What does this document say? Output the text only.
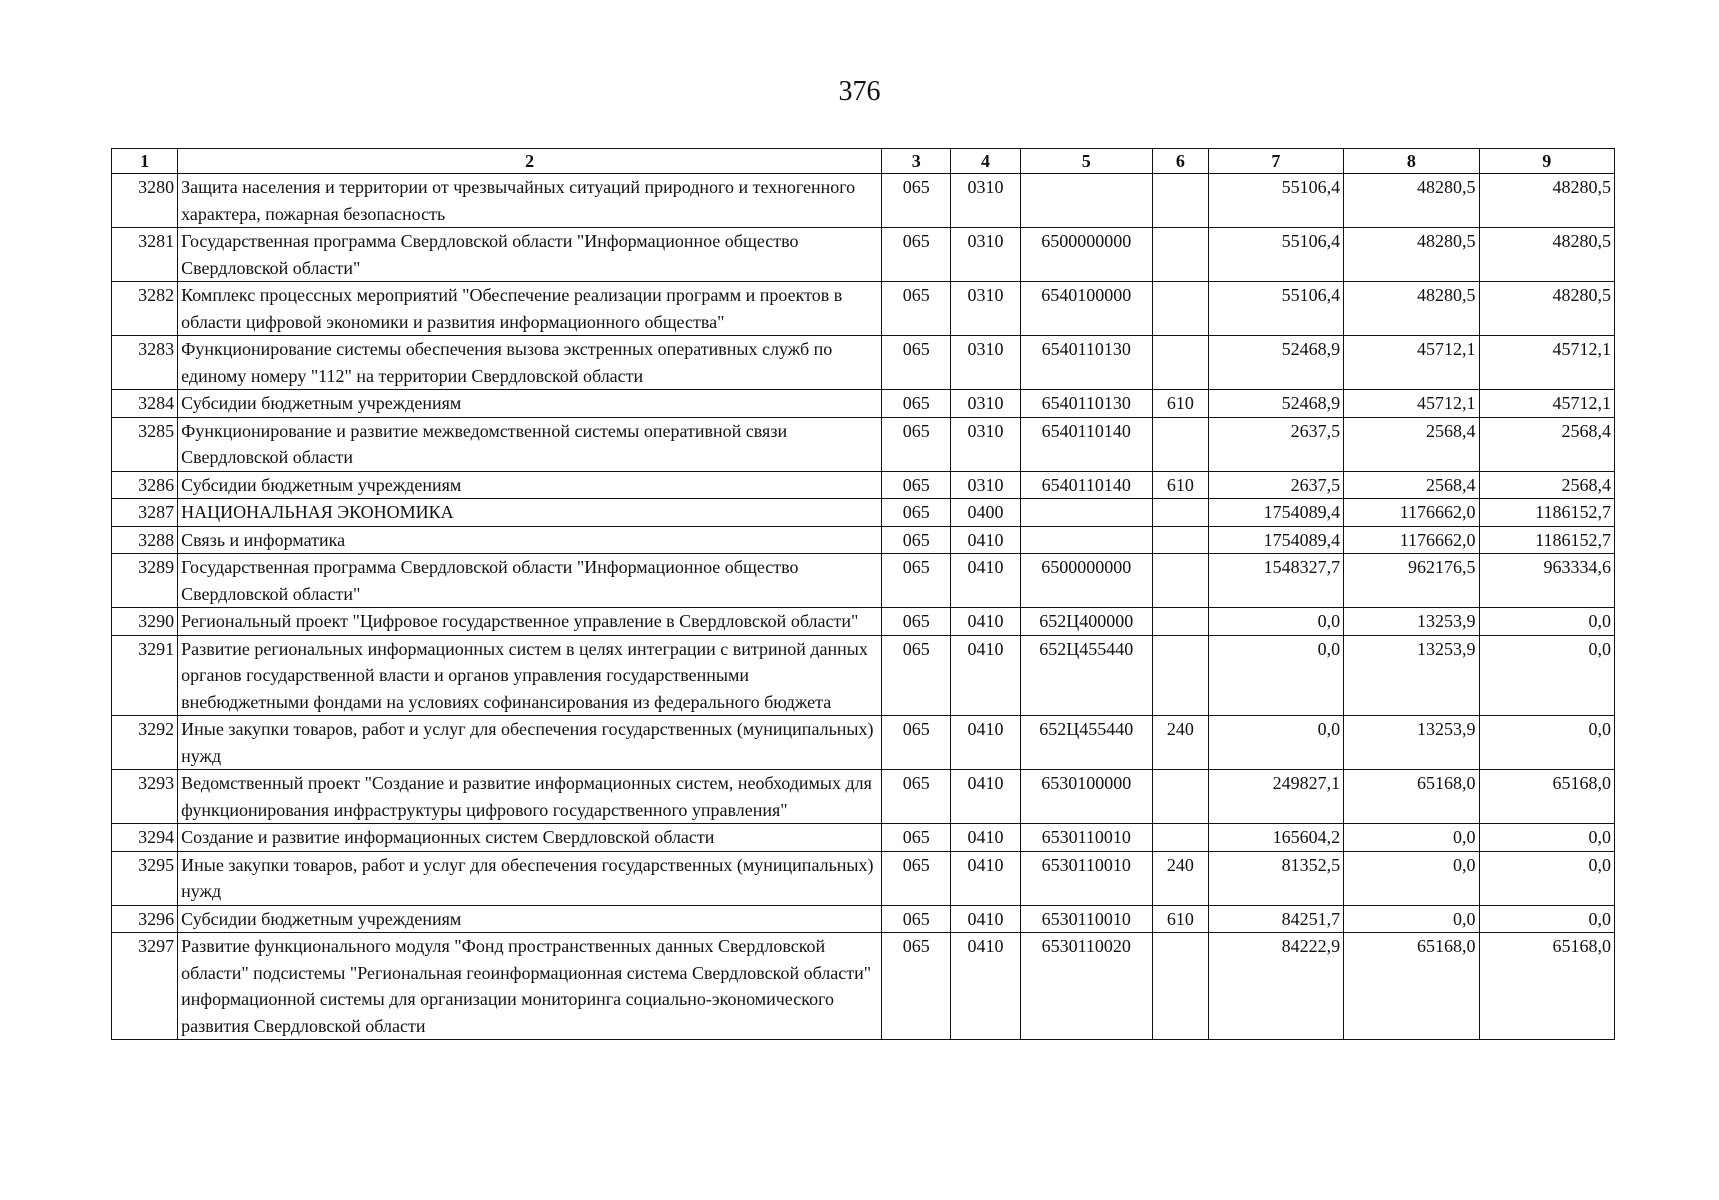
376
1	2	3	4	5	6	7	8	9
3280	Защита населения и территории от чрезвычайных ситуаций природного и техногенного характера, пожарная безопасность	065	0310			55106,4	48280,5	48280,5
3281	Государственная программа Свердловской области "Информационное общество Свердловской области"	065	0310	6500000000		55106,4	48280,5	48280,5
3282	Комплекс процессных мероприятий "Обеспечение реализации программ и проектов в области цифровой экономики и развития информационного общества"	065	0310	6540100000		55106,4	48280,5	48280,5
3283	Функционирование системы обеспечения вызова экстренных оперативных служб по единому номеру "112" на территории Свердловской области	065	0310	6540110130		52468,9	45712,1	45712,1
3284	Субсидии бюджетным учреждениям	065	0310	6540110130	610	52468,9	45712,1	45712,1
3285	Функционирование и развитие межведомственной системы оперативной связи Свердловской области	065	0310	6540110140		2637,5	2568,4	2568,4
3286	Субсидии бюджетным учреждениям	065	0310	6540110140	610	2637,5	2568,4	2568,4
3287	НАЦИОНАЛЬНАЯ ЭКОНОМИКА	065	0400			1754089,4	1176662,0	1186152,7
3288	Связь и информатика	065	0410			1754089,4	1176662,0	1186152,7
3289	Государственная программа Свердловской области "Информационное общество Свердловской области"	065	0410	6500000000		1548327,7	962176,5	963334,6
3290	Региональный проект "Цифровое государственное управление в Свердловской области"	065	0410	652Ц400000		0,0	13253,9	0,0
3291	Развитие региональных информационных систем в целях интеграции с витриной данных органов государственной власти и органов управления государственными внебюджетными фондами на условиях софинансирования из федерального бюджета	065	0410	652Ц455440		0,0	13253,9	0,0
3292	Иные закупки товаров, работ и услуг для обеспечения государственных (муниципальных) нужд	065	0410	652Ц455440	240	0,0	13253,9	0,0
3293	Ведомственный проект "Создание и развитие информационных систем, необходимых для функционирования инфраструктуры цифрового государственного управления"	065	0410	6530100000		249827,1	65168,0	65168,0
3294	Создание и развитие информационных систем Свердловской области	065	0410	6530110010		165604,2	0,0	0,0
3295	Иные закупки товаров, работ и услуг для обеспечения государственных (муниципальных) нужд	065	0410	6530110010	240	81352,5	0,0	0,0
3296	Субсидии бюджетным учреждениям	065	0410	6530110010	610	84251,7	0,0	0,0
3297	Развитие функционального модуля "Фонд пространственных данных Свердловской области" подсистемы "Региональная геоинформационная система Свердловской области" информационной системы для организации мониторинга социально-экономического развития Свердловской области	065	0410	6530110020		84222,9	65168,0	65168,0
